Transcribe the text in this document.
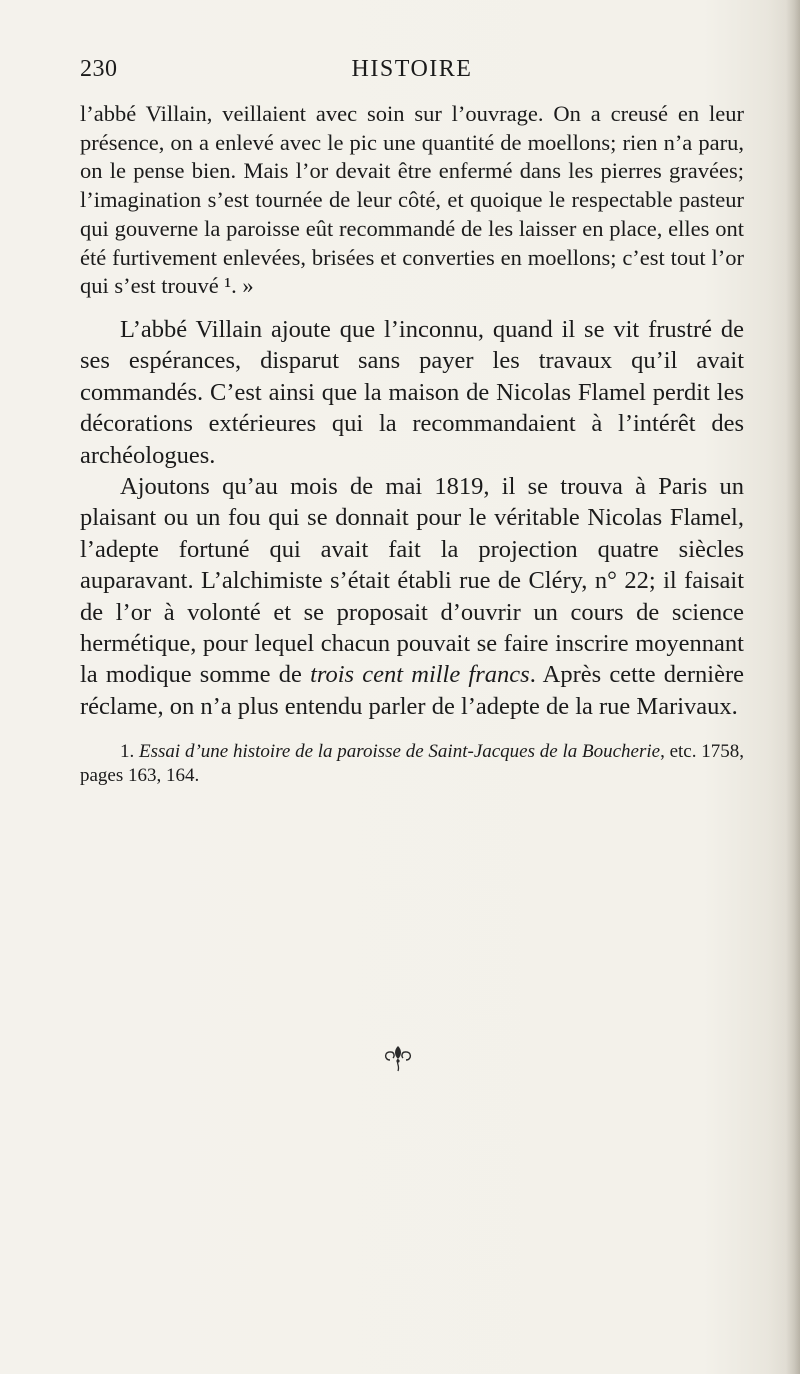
230	HISTOIRE

l’abbé Villain, veillaient avec soin sur l’ouvrage. On a creusé en leur présence, on a enlevé avec le pic une quantité de moellons; rien n’a paru, on le pense bien. Mais l’or devait être enfermé dans les pierres gravées; l’imagination s’est tournée de leur côté, et quoique le respectable pasteur qui gouverne la paroisse eût recommandé de les laisser en place, elles ont été furtivement enlevées, brisées et converties en moellons; c’est tout l’or qui s’est trouvé ¹. »

L’abbé Villain ajoute que l’inconnu, quand il se vit frustré de ses espérances, disparut sans payer les travaux qu’il avait commandés. C’est ainsi que la maison de Nicolas Flamel perdit les décorations extérieures qui la recommandaient à l’intérêt des archéologues.

Ajoutons qu’au mois de mai 1819, il se trouva à Paris un plaisant ou un fou qui se donnait pour le véritable Nicolas Flamel, l’adepte fortuné qui avait fait la projection quatre siècles auparavant. L’alchimiste s’était établi rue de Cléry, n° 22; il faisait de l’or à volonté et se proposait d’ouvrir un cours de science hermétique, pour lequel chacun pouvait se faire inscrire moyennant la modique somme de trois cent mille francs. Après cette dernière réclame, on n’a plus entendu parler de l’adepte de la rue Marivaux.

1. Essai d’une histoire de la paroisse de Saint-Jacques de la Boucherie, etc. 1758, pages 163, 164.
